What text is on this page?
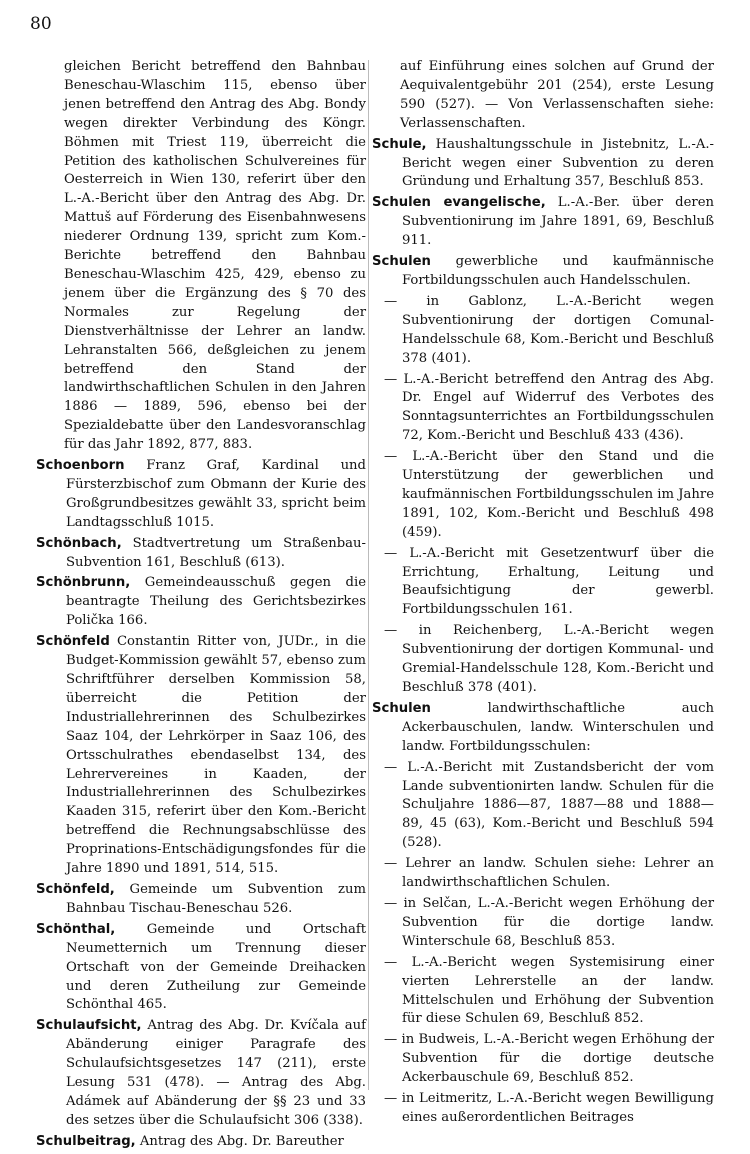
80
gleichen Bericht betreffend den Bahnbau Beneschau-Wlaschim 115, ebenso über jenen betreffend den Antrag des Abg. Bondy wegen direkter Verbindung des Köngr. Böhmen mit Triest 119, überreicht die Petition des katholischen Schulvereines für Oesterreich in Wien 130, referirt über den L.-A.-Bericht über den Antrag des Abg. Dr. Mattuš auf Förderung des Eisenbahnwesens niederer Ordnung 139, spricht zum Kom.-Berichte betreffend den Bahnbau Beneschau-Wlaschim 425, 429, ebenso zu jenem über die Ergänzung des § 70 des Normales zur Regelung der Dienstverhältnisse der Lehrer an landw. Lehranstalten 566, deßgleichen zu jenem betreffend den Stand der landwirthschaftlichen Schulen in den Jahren 1886 — 1889, 596, ebenso bei der Spezialdebatte über den Landesvoranschlag für das Jahr 1892, 877, 883.
Schoenborn Franz Graf, Kardinal und Fürsterzbischof zum Obmann der Kurie des Großgrundbesitzes gewählt 33, spricht beim Landtagsschluß 1015.
Schönbach, Stadtvertretung um Straßenbau-Subvention 161, Beschluß (613).
Schönbrunn, Gemeindeausschuß gegen die beantragte Theilung des Gerichtsbezirkes Polička 166.
Schönfeld Constantin Ritter von, JUDr., in die Budget-Kommission gewählt 57, ebenso zum Schriftführer derselben Kommission 58, überreicht die Petition der Industriallehrerinnen des Schulbezirkes Saaz 104, der Lehrkörper in Saaz 106, des Ortsschulrathes ebendaselbst 134, des Lehrervereines in Kaaden, der Industriallehrerinnen des Schulbezirkes Kaaden 315, referirt über den Kom.-Bericht betreffend die Rechnungsabschlüsse des Proprinations-Entschädigungsfondes für die Jahre 1890 und 1891, 514, 515.
Schönfeld, Gemeinde um Subvention zum Bahnbau Tischau-Beneschau 526.
Schönthal, Gemeinde und Ortschaft Neumetternich um Trennung dieser Ortschaft von der Gemeinde Dreihacken und deren Zutheilung zur Gemeinde Schönthal 465.
Schulaufsicht, Antrag des Abg. Dr. Kvíčala auf Abänderung einiger Paragrafe des Schulaufsichtsgesetzes 147 (211), erste Lesung 531 (478). — Antrag des Abg. Adámek auf Abänderung der §§ 23 und 33 des setzes über die Schulaufsicht 306 (338).
Schulbeitrag, Antrag des Abg. Dr. Bareuther
auf Einführung eines solchen auf Grund der Aequivalentgebühr 201 (254), erste Lesung 590 (527). — Von Verlassenschaften siehe: Verlassenschaften.
Schule, Haushaltungsschule in Jistebnitz, L.-A.-Bericht wegen einer Subvention zu deren Gründung und Erhaltung 357, Beschluß 853.
Schulen evangelische, L.-A.-Ber. über deren Subventionirung im Jahre 1891, 69, Beschluß 911.
Schulen gewerbliche und kaufmännische Fortbildungsschulen auch Handelsschulen.
— in Gablonz, L.-A.-Bericht wegen Subventionirung der dortigen Comunal-Handelsschule 68, Kom.-Bericht und Beschluß 378 (401).
— L.-A.-Bericht betreffend den Antrag des Abg. Dr. Engel auf Widerruf des Verbotes des Sonntagsunterrichtes an Fortbildungsschulen 72, Kom.-Bericht und Beschluß 433 (436).
— L.-A.-Bericht über den Stand und die Unterstützung der gewerblichen und kaufmännischen Fortbildungsschulen im Jahre 1891, 102, Kom.-Bericht und Beschluß 498 (459).
— L.-A.-Bericht mit Gesetzentwurf über die Errichtung, Erhaltung, Leitung und Beaufsichtigung der gewerbl. Fortbildungsschulen 161.
— in Reichenberg, L.-A.-Bericht wegen Subventionirung der dortigen Kommunal- und Gremial-Handelsschule 128, Kom.-Bericht und Beschluß 378 (401).
Schulen landwirthschaftliche auch Ackerbauschulen, landw. Winterschulen und landw. Fortbildungsschulen:
— L.-A.-Bericht mit Zustandsbericht der vom Lande subventionirten landw. Schulen für die Schuljahre 1886—87, 1887—88 und 1888—89, 45 (63), Kom.-Bericht und Beschluß 594 (528).
— Lehrer an landw. Schulen siehe: Lehrer an landwirthschaftlichen Schulen.
— in Selčan, L.-A.-Bericht wegen Erhöhung der Subvention für die dortige landw. Winterschule 68, Beschluß 853.
— L.-A.-Bericht wegen Systemisirung einer vierten Lehrerstelle an der landw. Mittelschulen und Erhöhung der Subvention für diese Schulen 69, Beschluß 852.
— in Budweis, L.-A.-Bericht wegen Erhöhung der Subvention für die dortige deutsche Ackerbauschule 69, Beschluß 852.
— in Leitmeritz, L.-A.-Bericht wegen Bewilligung eines außerordentlichen Beitrages
